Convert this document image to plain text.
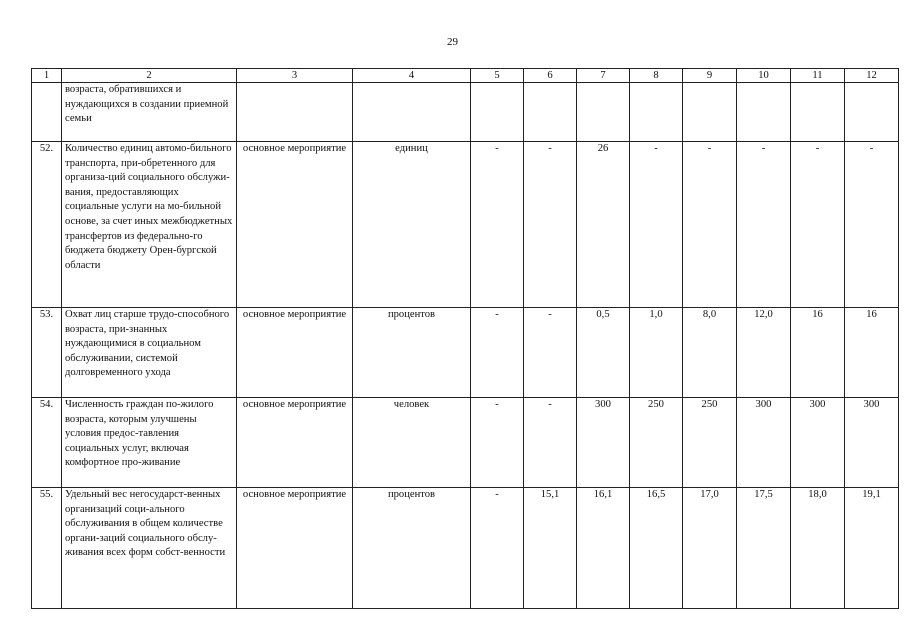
29
1	2	3	4	5	6	7	8	9	10	11	12
	возраста, обратившихся и нуждающихся в создании приемной семьи										
52.	Количество единиц автомо-бильного транспорта, при-обретенного для организа-ций социального обслужи-вания, предоставляющих социальные услуги на мо-бильной основе, за счет иных межбюджетных трансфертов из федерально-го бюджета бюджету Орен-бургской области	основное мероприятие	единиц	-	-	26	-	-	-	-	-
53.	Охват лиц старше трудо-способного возраста, при-знанных нуждающимися в социальном обслуживании, системой долговременного ухода	основное мероприятие	процентов	-	-	0,5	1,0	8,0	12,0	16	16
54.	Численность граждан по-жилого возраста, которым улучшены условия предос-тавления социальных услуг, включая комфортное про-живание	основное мероприятие	человек	-	-	300	250	250	300	300	300
55.	Удельный вес негосударст-венных организаций соци-ального обслуживания в общем количестве органи-заций социального обслу-живания всех форм собст-венности	основное мероприятие	процентов	-	15,1	16,1	16,5	17,0	17,5	18,0	19,1
